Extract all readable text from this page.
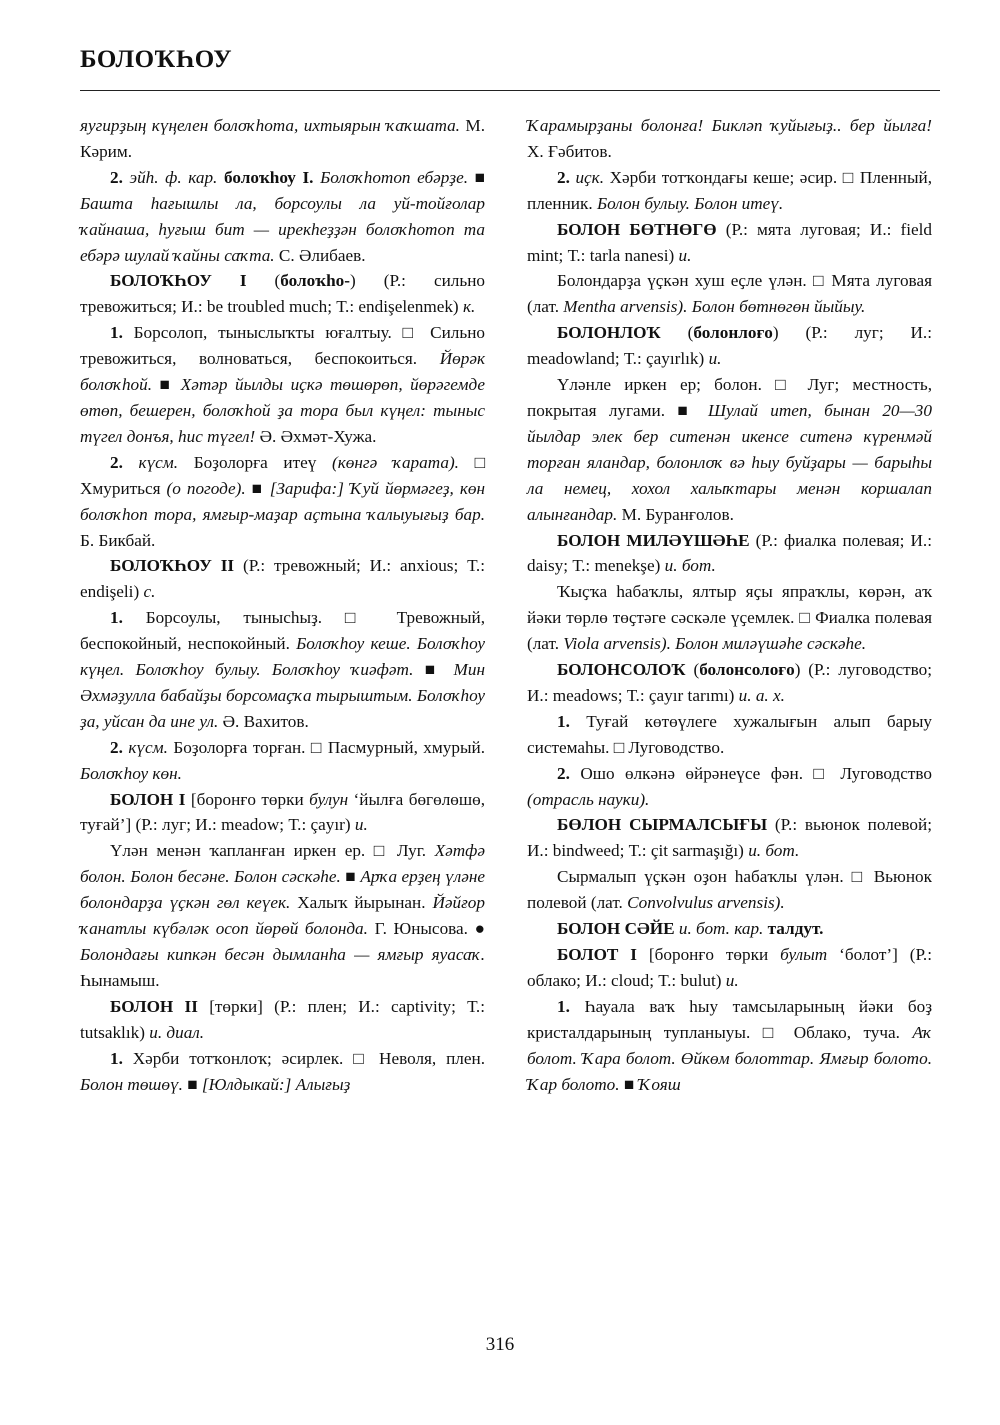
БОЛОҠҺОУ

яугирҙың күңелен болоҡһота, ихтыярын ҡаҡшата. М. Кәрим.

2. эйһ. ф. кар. болоҡһоу I. Болоҡһотоп ебәрҙе. ■ Башта һағышлы ла, борсоулы ла уй-тойғолар ҡайнаша, һуғыш бит — ирекһеҙҙән болоҡһотоп та ебәрә шулай ҡайны саҡта. С. Әлибаев.

БОЛОҠҺОУ I (болоҡһо-) (Р.: сильно тревожиться; И.: be troubled much; Т.: endişelenmek) к.

1. Борсолоп, тыныслыҡты юғалтыу. □ Сильно тревожиться, волноваться, беспокоиться. Йөрәк болоҡһой. ■ Хәтәр йылды иҫкә төшөрөп, йөрәгемде өтөп, бешерен, болоҡһой ҙа тора был күңел: тыныс түгел донъя, һис түгел! Ә. Әхмәт-Хужа.

2. күсм. Боҙолорға итеү (көнгә ҡарата). □ Хмуриться (о погоде). ■ [Зарифа:] Ҡуй йөрмәгеҙ, көн болоҡһоп тора, ямғыр-маҙар аҫтына ҡалыуығыҙ бар. Б. Бикбай.

БОЛОҠҺОУ II (Р.: тревожный; И.: anxious; Т.: endişeli) с.

1. Борсоулы, тынысһыҙ. □ Тревожный, беспокойный, неспокойный. Болоҡһоу кеше. Болоҡһоу күңел. Болоҡһоу булыу. Болоҡһоу ҡиәфәт. ■ Мин Әхмәҙулла бабайҙы борсомаҫҡа тырыштым. Болоҡһоу ҙа, уйсан да ине ул. Ә. Вахитов.

2. күсм. Боҙолорға торған. □ Пасмурный, хмурый. Болоҡһоу көн.

БОЛОН I [боронғо төрки булун ‘йылға бөгөлөшө, туғай’] (Р.: луг; И.: meadow; Т.: çayır) и.

Үлән менән ҡапланған иркен ер. □ Луг. Хәтфә болон. Болон бесәне. Болон сәскәһе. ■ Арҡа ерҙең үләне болондарҙа үҫкән гөл кеүек. Халыҡ йырынан. Йәйғор ҡанатлы күбәләк осоп йөрөй болонда. Г. Юнысова. ● Болондағы кипкән бесән дымланһа — ямғыр яуасаҡ. Һынамыш.

БОЛОН II [төрки] (Р.: плен; И.: captivity; Т.: tutsaklık) и. диал.

1. Хәрби тотҡонлоҡ; әсирлек. □ Неволя, плен. Болон төшөү. ■ [Юлдыкай:] Алығыҙ

Ҡарамырҙаны болонға! Бикләп ҡуйығыҙ.. бер йылға! Х. Ғәбитов.

2. иҫк. Хәрби тотҡондағы кеше; әсир. □ Пленный, пленник. Болон булыу. Болон итеү.

БОЛОН БӨТНӨГӨ (Р.: мята луговая; И.: field mint; Т.: tarla nanesi) и.

Болондарҙа үҫкән хуш еҫле үлән. □ Мята луговая (лат. Mentha arvensis). Болон бөтнөгөн йыйыу.

БОЛОНЛОҠ (болонлоғо) (Р.: луг; И.: meadowland; Т.: çayırlık) и.

Үләнле иркен ер; болон. □ Луг; местность, покрытая лугами. ■ Шулай итеп, бынан 20—30 йылдар элек бер ситенән икенсе ситенә күренмәй торған яландар, болонлоҡ вә һыу буйҙары — барыһы ла немец, хохол халыҡтары менән коршалап алынғандар. М. Буранғолов.

БОЛОН МИЛӘҮШӘҺЕ (Р.: фиалка полевая; И.: daisy; Т.: menekşe) и. бот.

Ҡыҫҡа һабаҡлы, ялтыр яҫы япраҡлы, көрән, аҡ йәки төрлө төҫтәге сәскәле үҫемлек. □ Фиалка полевая (лат. Viola arvensis). Болон миләүшәһе сәскәһе.

БОЛОНСОЛОҠ (болонсолоғо) (Р.: луговодство; И.: meadows; Т.: çayır tarımı) и. а. х.

1. Туғай көтөүлеге хужалығын алып барыу системаһы. □ Луговодство.

2. Ошо өлкәнә өйрәнеүсе фән. □ Луговодство (отрасль науки).

БӨЛОН СЫРМАЛСЫҒЫ (Р.: вьюнок полевой; И.: bindweed; Т.: çit sarmaşığı) и. бот.

Сырмалып үҫкән оҙон һабаҡлы үлән. □ Вьюнок полевой (лат. Convolvulus arvensis).

БОЛОН СӘЙЕ и. бот. кар. талдут.

БОЛОТ I [боронғо төрки булыт ‘болот’] (Р.: облако; И.: cloud; Т.: bulut) и.

1. Һауала ваҡ һыу тамсыларының йәки боҙ кристалдарының тупланыуы. □ Облако, туча. Аҡ болот. Ҡара болот. Өйкөм болоттар. Ямғыр болото. Ҡар болото. ■ Ҡояш

316
